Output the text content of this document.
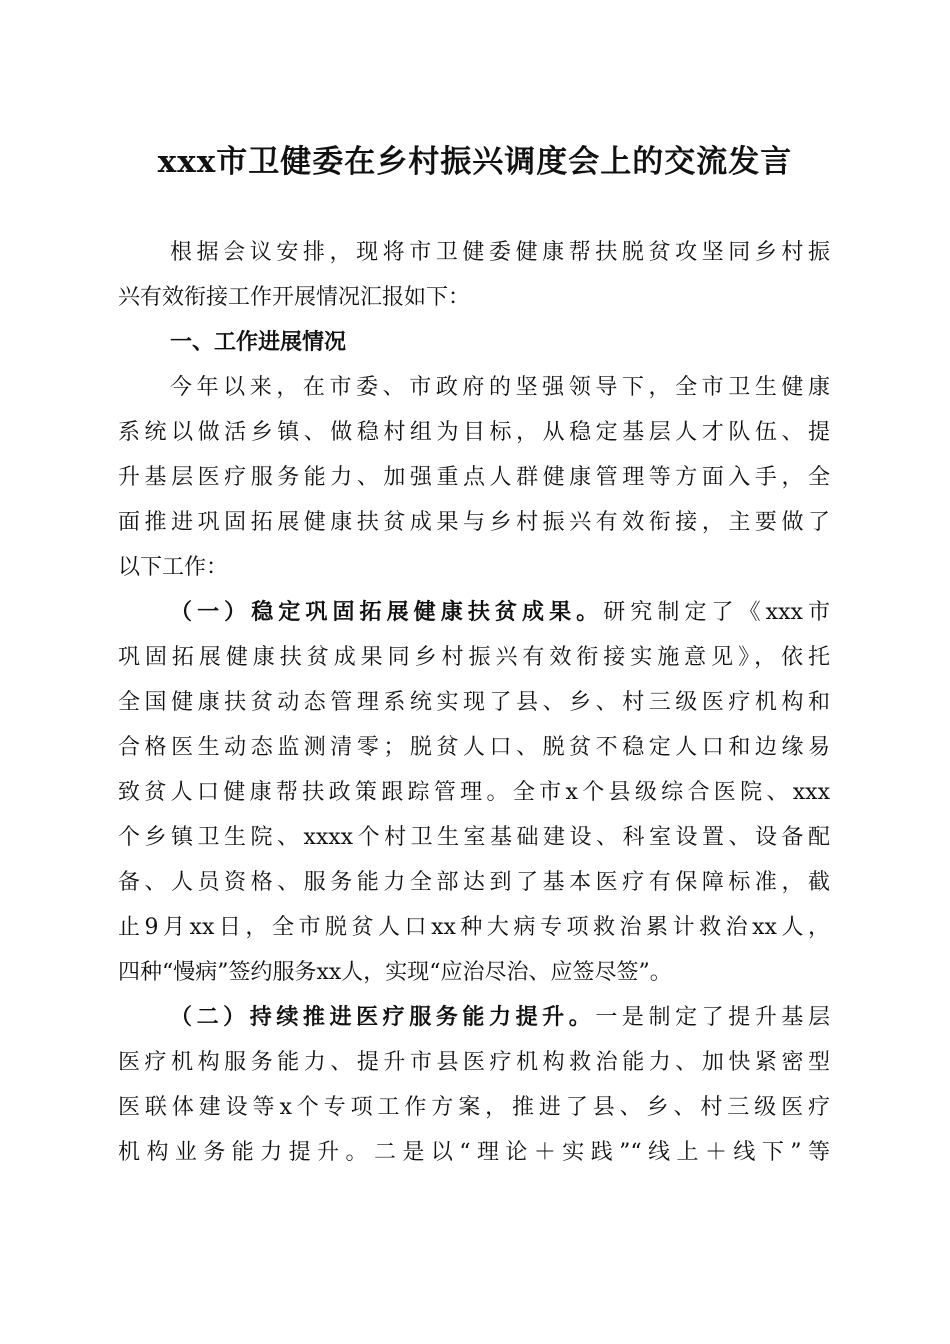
xxx市卫健委在乡村振兴调度会上的交流发言
根据会议安排，现将市卫健委健康帮扶脱贫攻坚同乡村振
兴有效衔接工作开展情况汇报如下：
一、工作进展情况
今年以来，在市委、市政府的坚强领导下，全市卫生健康
系统以做活乡镇、做稳村组为目标，从稳定基层人才队伍、提
升基层医疗服务能力、加强重点人群健康管理等方面入手，全
面推进巩固拓展健康扶贫成果与乡村振兴有效衔接，主要做了
以下工作：
（一）稳定巩固拓展健康扶贫成果。研究制定了《xxx市
巩固拓展健康扶贫成果同乡村振兴有效衔接实施意见》，依托
全国健康扶贫动态管理系统实现了县、乡、村三级医疗机构和
合格医生动态监测清零；脱贫人口、脱贫不稳定人口和边缘易
致贫人口健康帮扶政策跟踪管理。全市x个县级综合医院、xxx
个乡镇卫生院、xxxx个村卫生室基础建设、科室设置、设备配
备、人员资格、服务能力全部达到了基本医疗有保障标准，截
止9月xx日，全市脱贫人口xx种大病专项救治累计救治xx人，
四种“慢病”签约服务xx人，实现“应治尽治、应签尽签”。
（二）持续推进医疗服务能力提升。一是制定了提升基层
医疗机构服务能力、提升市县医疗机构救治能力、加快紧密型
医联体建设等x个专项工作方案，推进了县、乡、村三级医疗
机构业务能力提升。二是以“理论＋实践”“线上＋线下”等
